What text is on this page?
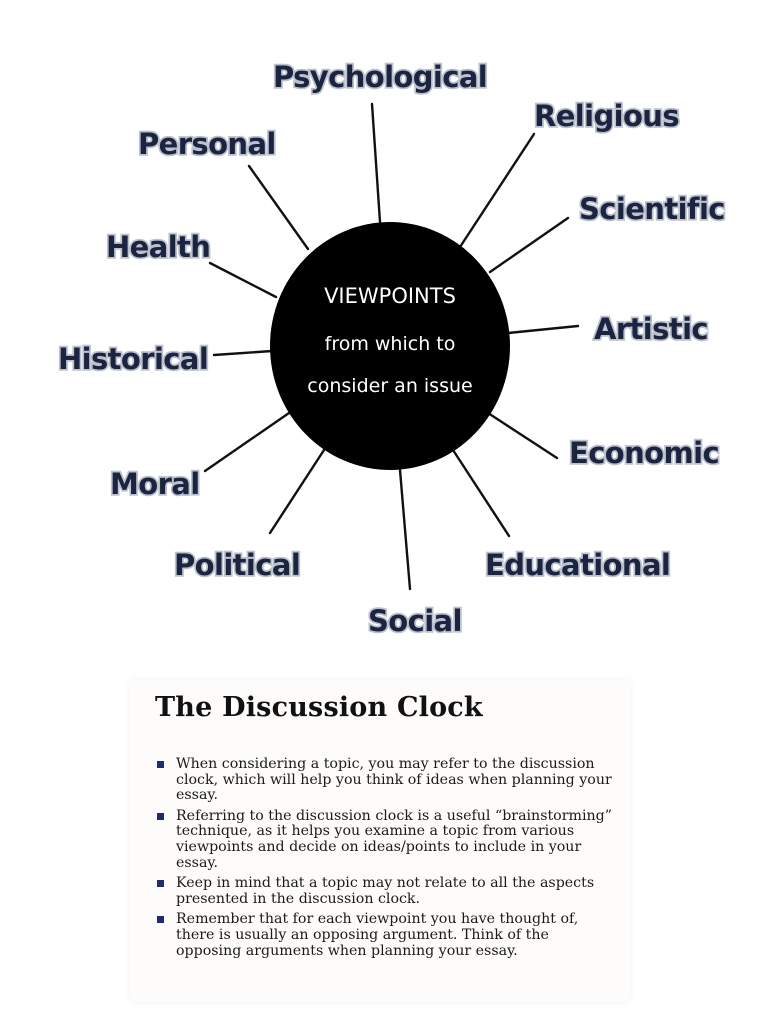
VIEWPOINTS
from which to
consider an issue
Psychological
Religious
Scientific
Artistic
Economic
Educational
Social
Political
Moral
Historical
Health
Personal
The Discussion Clock
When considering a topic, you may refer to the discussion clock, which will help you think of ideas when planning your essay.
Referring to the discussion clock is a useful “brainstorming” technique, as it helps you examine a topic from various viewpoints and decide on ideas/points to include in your essay.
Keep in mind that a topic may not relate to all the aspects presented in the discussion clock.
Remember that for each viewpoint you have thought of, there is usually an opposing argument. Think of the opposing arguments when planning your essay.
